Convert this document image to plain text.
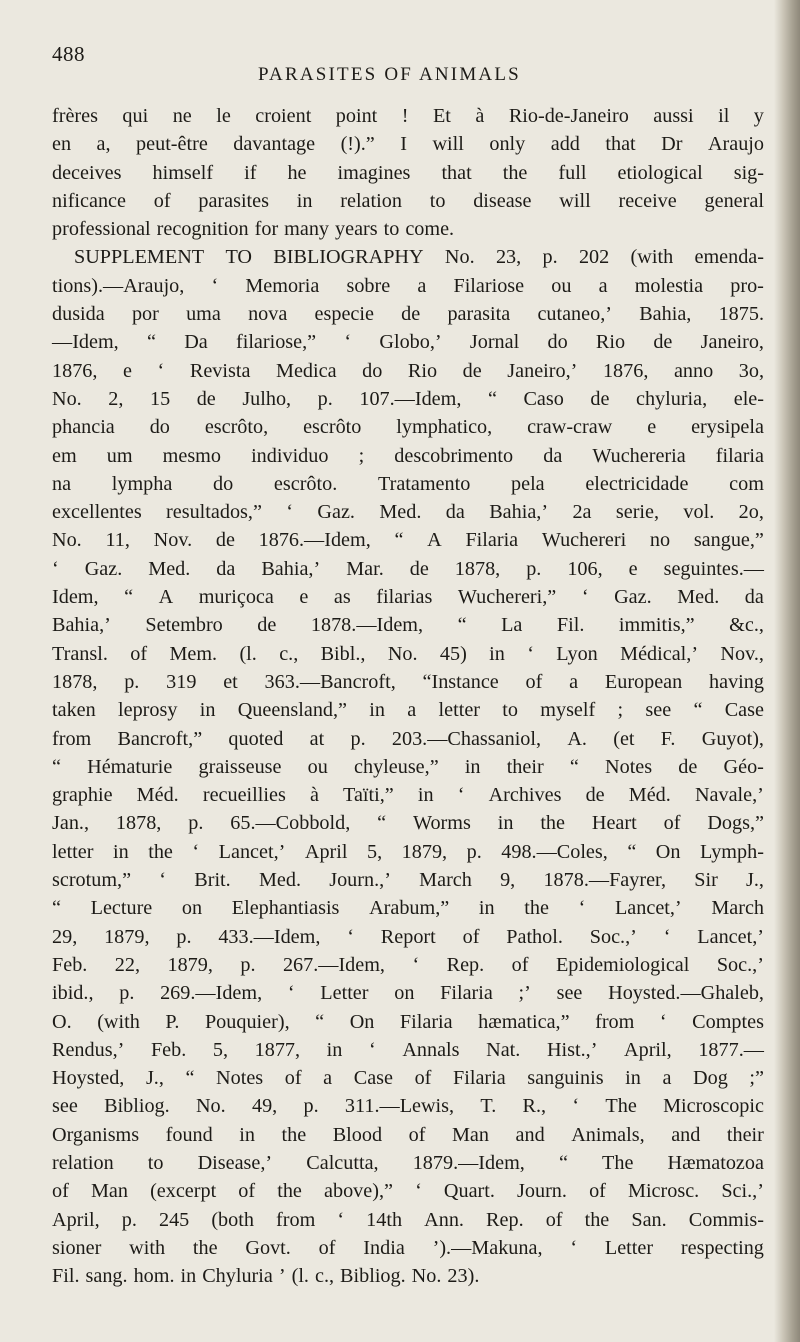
488
PARASITES OF ANIMALS
frères qui ne le croient point ! Et à Rio-de-Janeiro aussi il y
en a, peut-être davantage (!).” I will only add that Dr Araujo
deceives himself if he imagines that the full etiological sig-
nificance of parasites in relation to disease will receive general
professional recognition for many years to come.
SUPPLEMENT TO BIBLIOGRAPHY No. 23, p. 202 (with emenda-
tions).—Araujo, ‘ Memoria sobre a Filariose ou a molestia pro-
dusida por uma nova especie de parasita cutaneo,’ Bahia, 1875.
—Idem, “ Da filariose,” ‘ Globo,’ Jornal do Rio de Janeiro,
1876, e ‘ Revista Medica do Rio de Janeiro,’ 1876, anno 3o,
No. 2, 15 de Julho, p. 107.—Idem, “ Caso de chyluria, ele-
phancia do escrôto, escrôto lymphatico, craw-craw e erysipela
em um mesmo individuo ; descobrimento da Wuchereria filaria
na lympha do escrôto. Tratamento pela electricidade com
excellentes resultados,” ‘ Gaz. Med. da Bahia,’ 2a serie, vol. 2o,
No. 11, Nov. de 1876.—Idem, “ A Filaria Wuchereri no sangue,”
‘ Gaz. Med. da Bahia,’ Mar. de 1878, p. 106, e seguintes.—
Idem, “ A muriçoca e as filarias Wuchereri,” ‘ Gaz. Med. da
Bahia,’ Setembro de 1878.—Idem, “ La Fil. immitis,” &c.,
Transl. of Mem. (l. c., Bibl., No. 45) in ‘ Lyon Médical,’ Nov.,
1878, p. 319 et 363.—Bancroft, “Instance of a European having
taken leprosy in Queensland,” in a letter to myself ; see “ Case
from Bancroft,” quoted at p. 203.—Chassaniol, A. (et F. Guyot),
“ Hématurie graisseuse ou chyleuse,” in their “ Notes de Géo-
graphie Méd. recueillies à Taïti,” in ‘ Archives de Méd. Navale,’
Jan., 1878, p. 65.—Cobbold, “ Worms in the Heart of Dogs,”
letter in the ‘ Lancet,’ April 5, 1879, p. 498.—Coles, “ On Lymph-
scrotum,” ‘ Brit. Med. Journ.,’ March 9, 1878.—Fayrer, Sir J.,
“ Lecture on Elephantiasis Arabum,” in the ‘ Lancet,’ March
29, 1879, p. 433.—Idem, ‘ Report of Pathol. Soc.,’ ‘ Lancet,’
Feb. 22, 1879, p. 267.—Idem, ‘ Rep. of Epidemiological Soc.,’
ibid., p. 269.—Idem, ‘ Letter on Filaria ;’ see Hoysted.—Ghaleb,
O. (with P. Pouquier), “ On Filaria hæmatica,” from ‘ Comptes
Rendus,’ Feb. 5, 1877, in ‘ Annals Nat. Hist.,’ April, 1877.—
Hoysted, J., “ Notes of a Case of Filaria sanguinis in a Dog ;”
see Bibliog. No. 49, p. 311.—Lewis, T. R., ‘ The Microscopic
Organisms found in the Blood of Man and Animals, and their
relation to Disease,’ Calcutta, 1879.—Idem, “ The Hæmatozoa
of Man (excerpt of the above),” ‘ Quart. Journ. of Microsc. Sci.,’
April, p. 245 (both from ‘ 14th Ann. Rep. of the San. Commis-
sioner with the Govt. of India ’).—Makuna, ‘ Letter respecting
Fil. sang. hom. in Chyluria ’ (l. c., Bibliog. No. 23).
